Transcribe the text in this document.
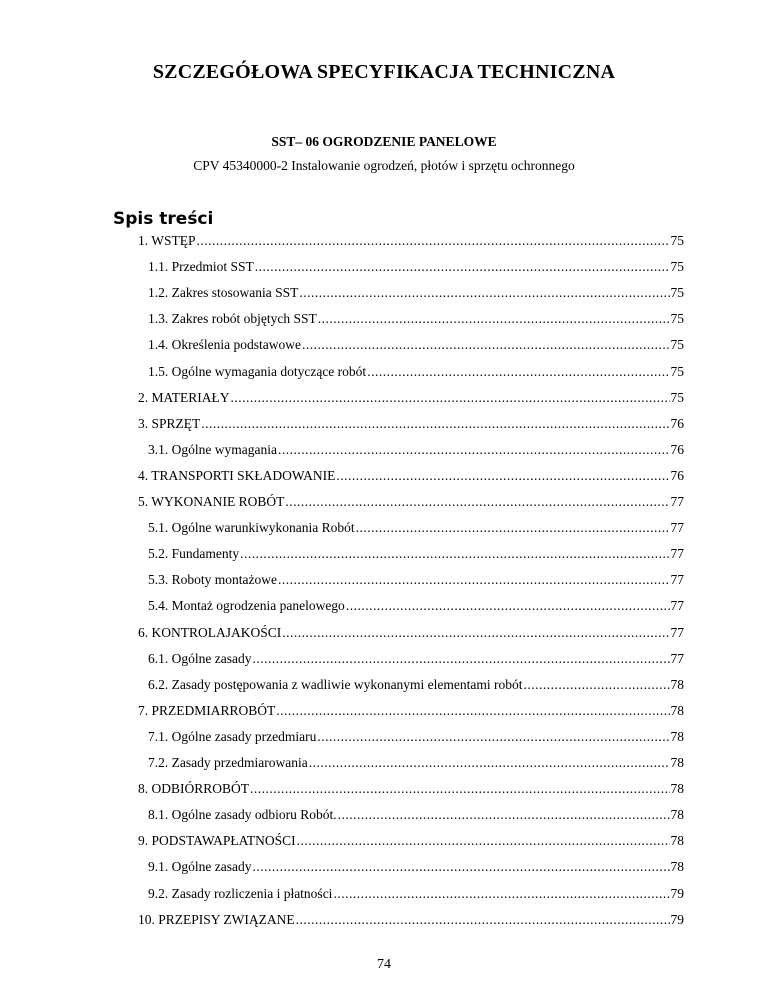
SZCZEGÓŁOWA SPECYFIKACJA TECHNICZNA
SST– 06 OGRODZENIE PANELOWE
CPV 45340000-2 Instalowanie ogrodzeń, płotów i sprzętu ochronnego
Spis treści
1. WSTĘP .....	75
1.1. Przedmiot SST .....	75
1.2. Zakres stosowania SST .....	75
1.3. Zakres robót objętych SST .....	75
1.4. Określenia podstawowe .....	75
1.5. Ogólne wymagania dotyczące robót .....	75
2. MATERIAŁY .....	75
3. SPRZĘT .....	76
3.1. Ogólne wymagania .....	76
4. TRANSPORTI SKŁADOWANIE .....	76
5. WYKONANIE ROBÓT .....	77
5.1. Ogólne warunkiwykonania Robót .....	77
5.2. Fundamenty .....	77
5.3. Roboty montażowe .....	77
5.4. Montaż ogrodzenia panelowego .....	77
6. KONTROLAJAKOŚCI .....	77
6.1. Ogólne zasady .....	77
6.2. Zasady postępowania z wadliwie wykonanymi elementami robót .....	78
7. PRZEDMIARROBÓT .....	78
7.1. Ogólne zasady przedmiaru .....	78
7.2. Zasady przedmiarowania .....	78
8. ODBIÓRROBÓT .....	78
8.1. Ogólne zasady odbioru Robót. .....	78
9. PODSTAWAPŁATNOŚCI .....	78
9.1. Ogólne zasady .....	78
9.2. Zasady rozliczenia i płatności .....	79
10. PRZEPISY ZWIĄZANE .....	79
74
